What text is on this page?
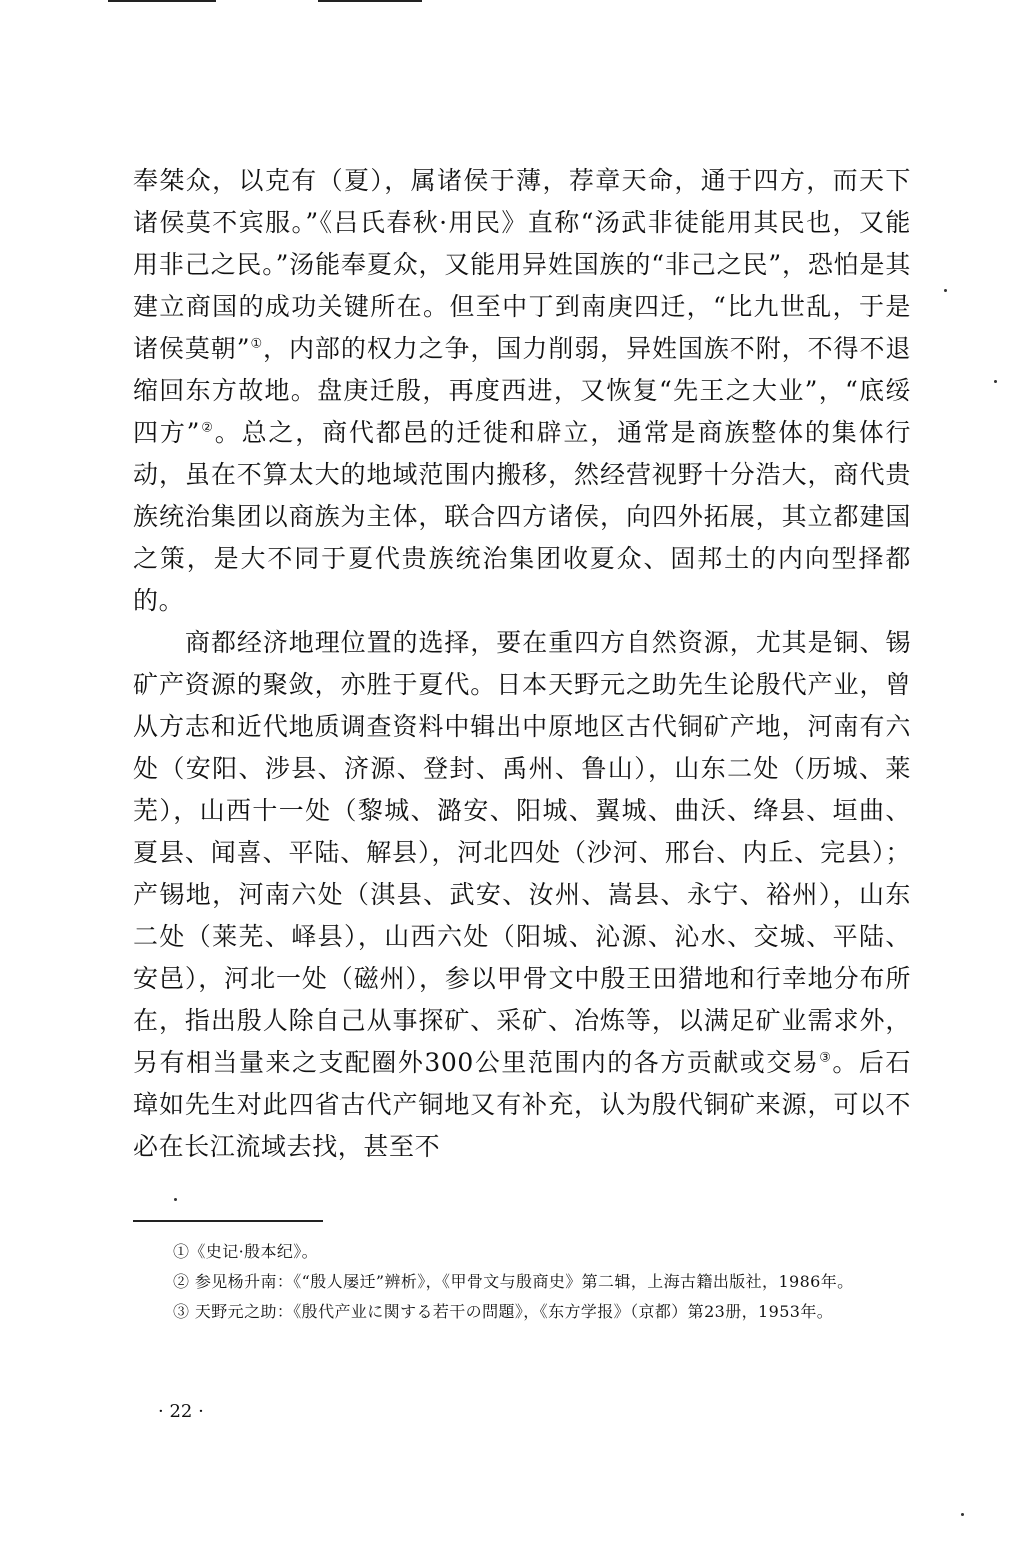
奉桀众，以克有（夏），属诸侯于薄，荐章天命，通于四方，而天下诸侯莫不宾服。”《吕氏春秋·用民》直称“汤武非徒能用其民也，又能用非己之民。”汤能奉夏众，又能用异姓国族的“非己之民”，恐怕是其建立商国的成功关键所在。但至中丁到南庚四迁，“比九世乱，于是诸侯莫朝”①，内部的权力之争，国力削弱，异姓国族不附，不得不退缩回东方故地。盘庚迁殷，再度西进，又恢复“先王之大业”，“底绥四方”②。总之，商代都邑的迁徙和辟立，通常是商族整体的集体行动，虽在不算太大的地域范围内搬移，然经营视野十分浩大，商代贵族统治集团以商族为主体，联合四方诸侯，向四外拓展，其立都建国之策，是大不同于夏代贵族统治集团收夏众、固邦土的内向型择都的。

商都经济地理位置的选择，要在重四方自然资源，尤其是铜、锡矿产资源的聚敛，亦胜于夏代。日本天野元之助先生论殷代产业，曾从方志和近代地质调查资料中辑出中原地区古代铜矿产地，河南有六处（安阳、涉县、济源、登封、禹州、鲁山），山东二处（历城、莱芜），山西十一处（黎城、潞安、阳城、翼城、曲沃、绛县、垣曲、夏县、闻喜、平陆、解县），河北四处（沙河、邢台、内丘、完县）；产锡地，河南六处（淇县、武安、汝州、嵩县、永宁、裕州），山东二处（莱芜、峄县），山西六处（阳城、沁源、沁水、交城、平陆、安邑），河北一处（磁州），参以甲骨文中殷王田猎地和行幸地分布所在，指出殷人除自己从事探矿、采矿、冶炼等，以满足矿业需求外，另有相当量来之支配圈外300公里范围内的各方贡献或交易③。后石璋如先生对此四省古代产铜地又有补充，认为殷代铜矿来源，可以不必在长江流域去找，甚至不

①《史记·殷本纪》。

② 参见杨升南：《“殷人屡迁”辨析》，《甲骨文与殷商史》第二辑，上海古籍出版社，1986年。

③ 天野元之助：《殷代产业に関する若干の問題》，《东方学报》（京都）第23册，1953年。

· 22 ·
